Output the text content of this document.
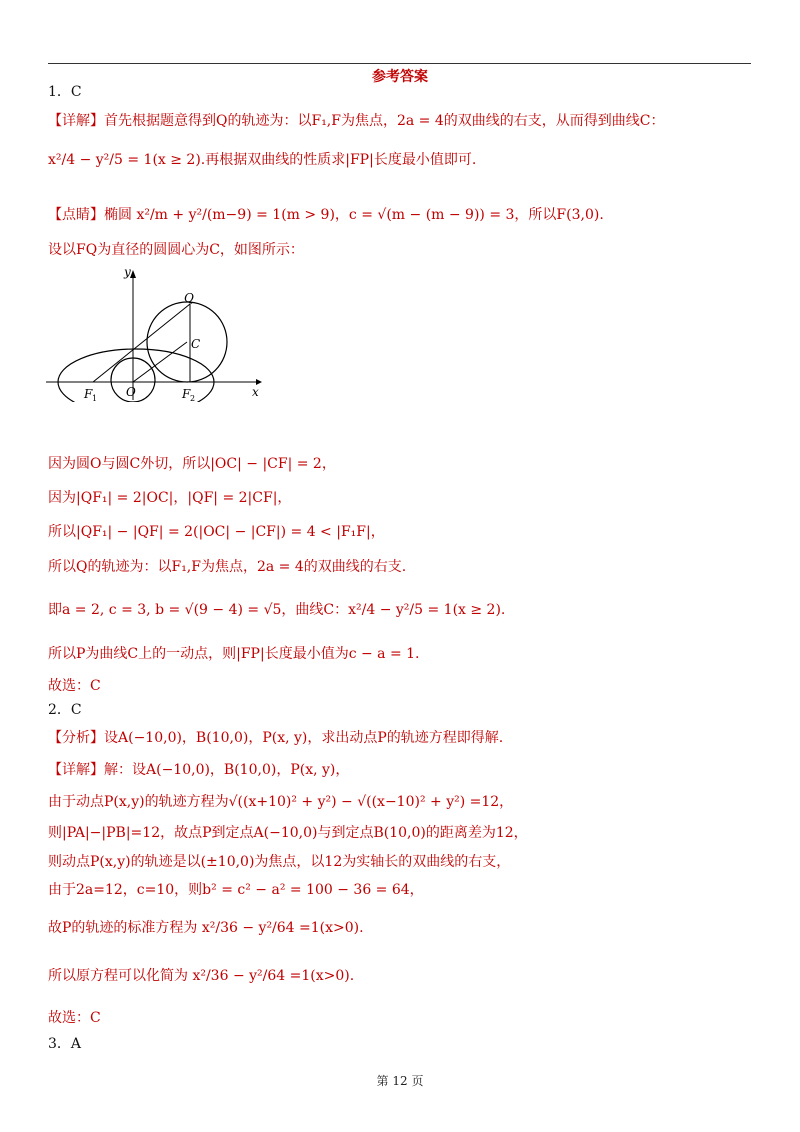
参考答案
1．C
【详解】首先根据题意得到Q的轨迹为：以F₁,F为焦点，2a = 4的双曲线的右支，从而得到曲线C：
x²/4 − y²/5 = 1(x ≥ 2).再根据双曲线的性质求|FP|长度最小值即可.
【点睛】椭圆 x²/m + y²/(m−9) = 1(m > 9)，c = √(m − (m − 9)) = 3，所以F(3,0).
设以FQ为直径的圆圆心为C，如图所示：
y
x
Q
C
F 1 O	F 2
因为圆O与圆C外切，所以|OC| − |CF| = 2，
因为|QF₁| = 2|OC|，|QF| = 2|CF|，
所以|QF₁| − |QF| = 2(|OC| − |CF|) = 4 < |F₁F|，
所以Q的轨迹为：以F₁,F为焦点，2a = 4的双曲线的右支.
即a = 2, c = 3, b = √(9 − 4) = √5，曲线C：x²/4 − y²/5 = 1(x ≥ 2).
所以P为曲线C上的一动点，则|FP|长度最小值为c − a = 1.
故选：C
2．C
【分析】设A(−10,0)，B(10,0)，P(x, y)，求出动点P的轨迹方程即得解.
【详解】解：设A(−10,0)，B(10,0)，P(x, y)，
由于动点P(x,y)的轨迹方程为√((x+10)² + y²) − √((x−10)² + y²) =12，
则|PA|−|PB|=12，故点P到定点A(−10,0)与到定点B(10,0)的距离差为12，
则动点P(x,y)的轨迹是以(±10,0)为焦点，以12为实轴长的双曲线的右支，
由于2a=12，c=10，则b² = c² − a² = 100 − 36 = 64，
故P的轨迹的标准方程为 x²/36 − y²/64 =1(x>0).
所以原方程可以化简为 x²/36 − y²/64 =1(x>0).
故选：C
3．A
第 12 页
